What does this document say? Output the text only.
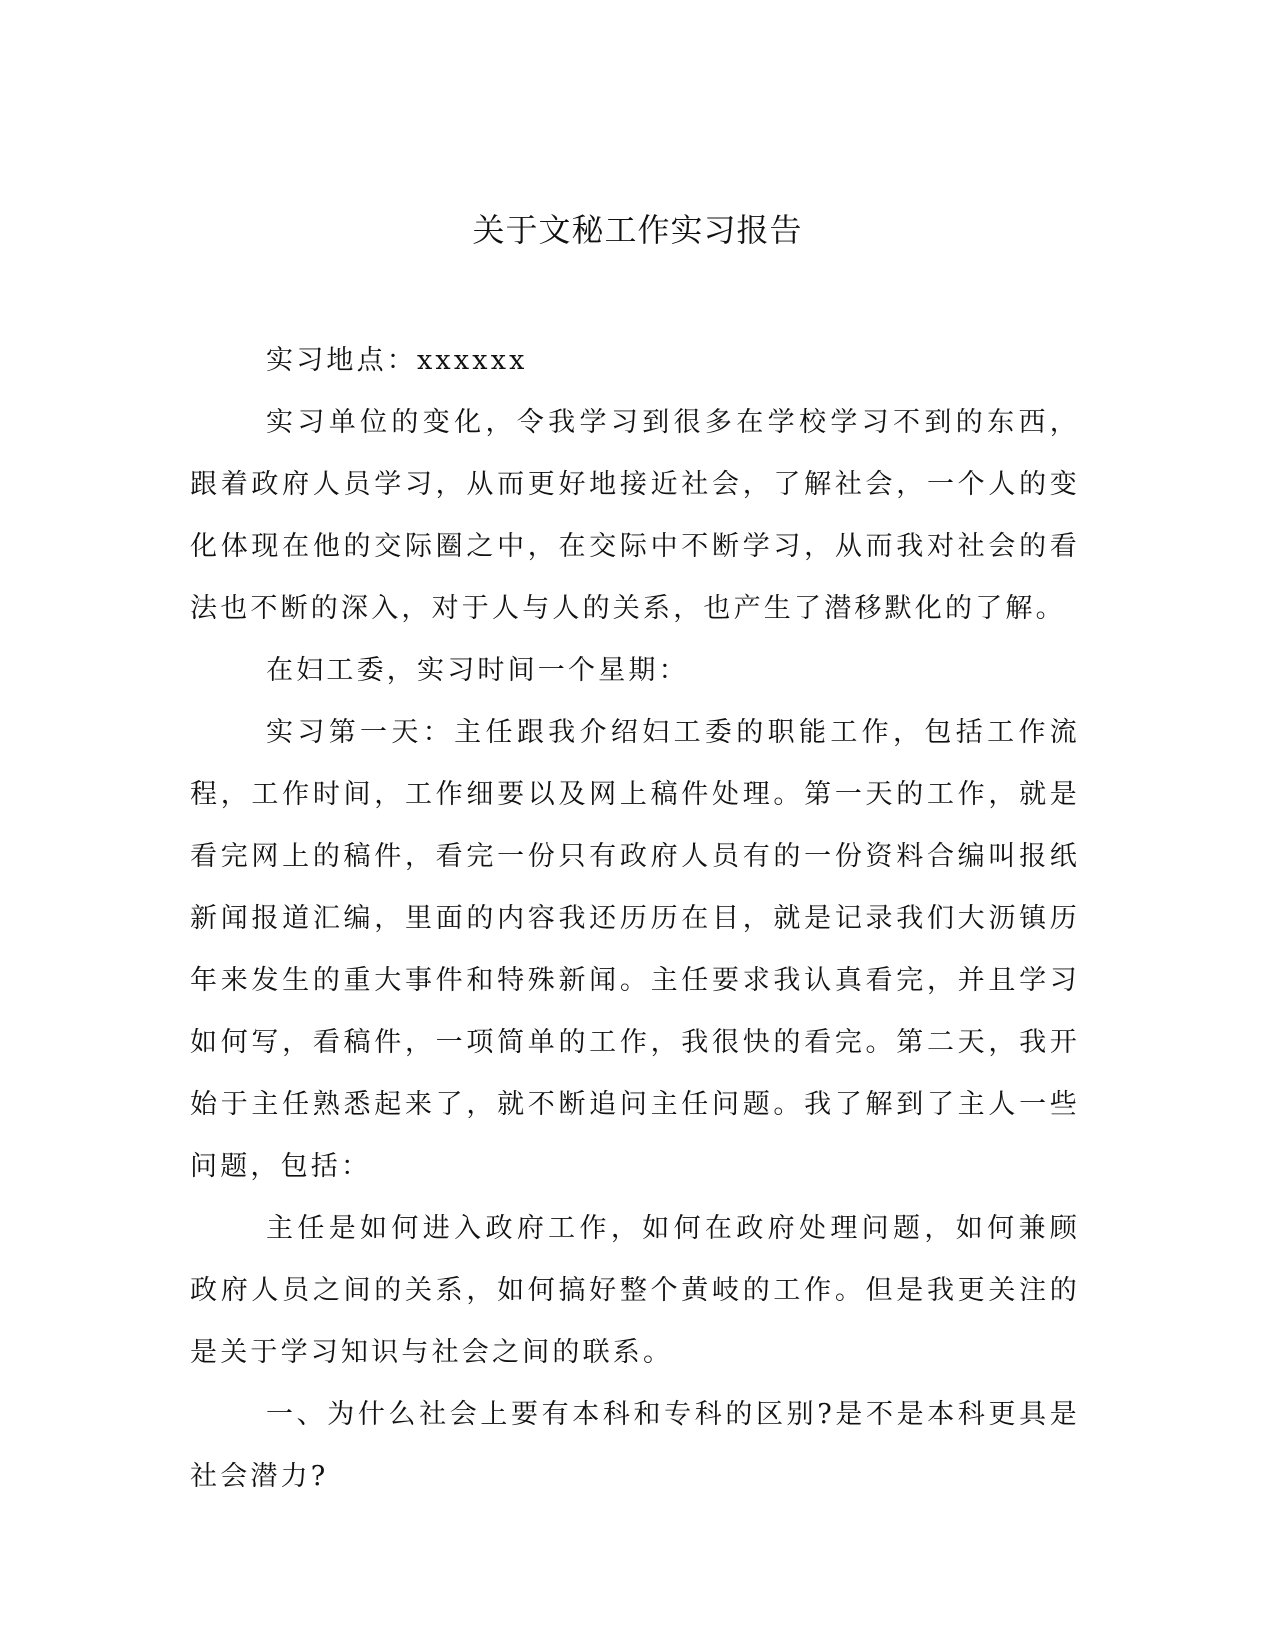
关于文秘工作实习报告

实习地点：xxxxxx

实习单位的变化，令我学习到很多在学校学习不到的东西，跟着政府人员学习，从而更好地接近社会，了解社会，一个人的变化体现在他的交际圈之中，在交际中不断学习，从而我对社会的看法也不断的深入，对于人与人的关系，也产生了潜移默化的了解。

在妇工委，实习时间一个星期：

实习第一天：主任跟我介绍妇工委的职能工作，包括工作流程，工作时间，工作细要以及网上稿件处理。第一天的工作，就是看完网上的稿件，看完一份只有政府人员有的一份资料合编叫报纸新闻报道汇编，里面的内容我还历历在目，就是记录我们大沥镇历年来发生的重大事件和特殊新闻。主任要求我认真看完，并且学习如何写，看稿件，一项简单的工作，我很快的看完。第二天，我开始于主任熟悉起来了，就不断追问主任问题。我了解到了主人一些问题，包括：

主任是如何进入政府工作，如何在政府处理问题，如何兼顾政府人员之间的关系，如何搞好整个黄岐的工作。但是我更关注的是关于学习知识与社会之间的联系。

一、为什么社会上要有本科和专科的区别?是不是本科更具是社会潜力?
